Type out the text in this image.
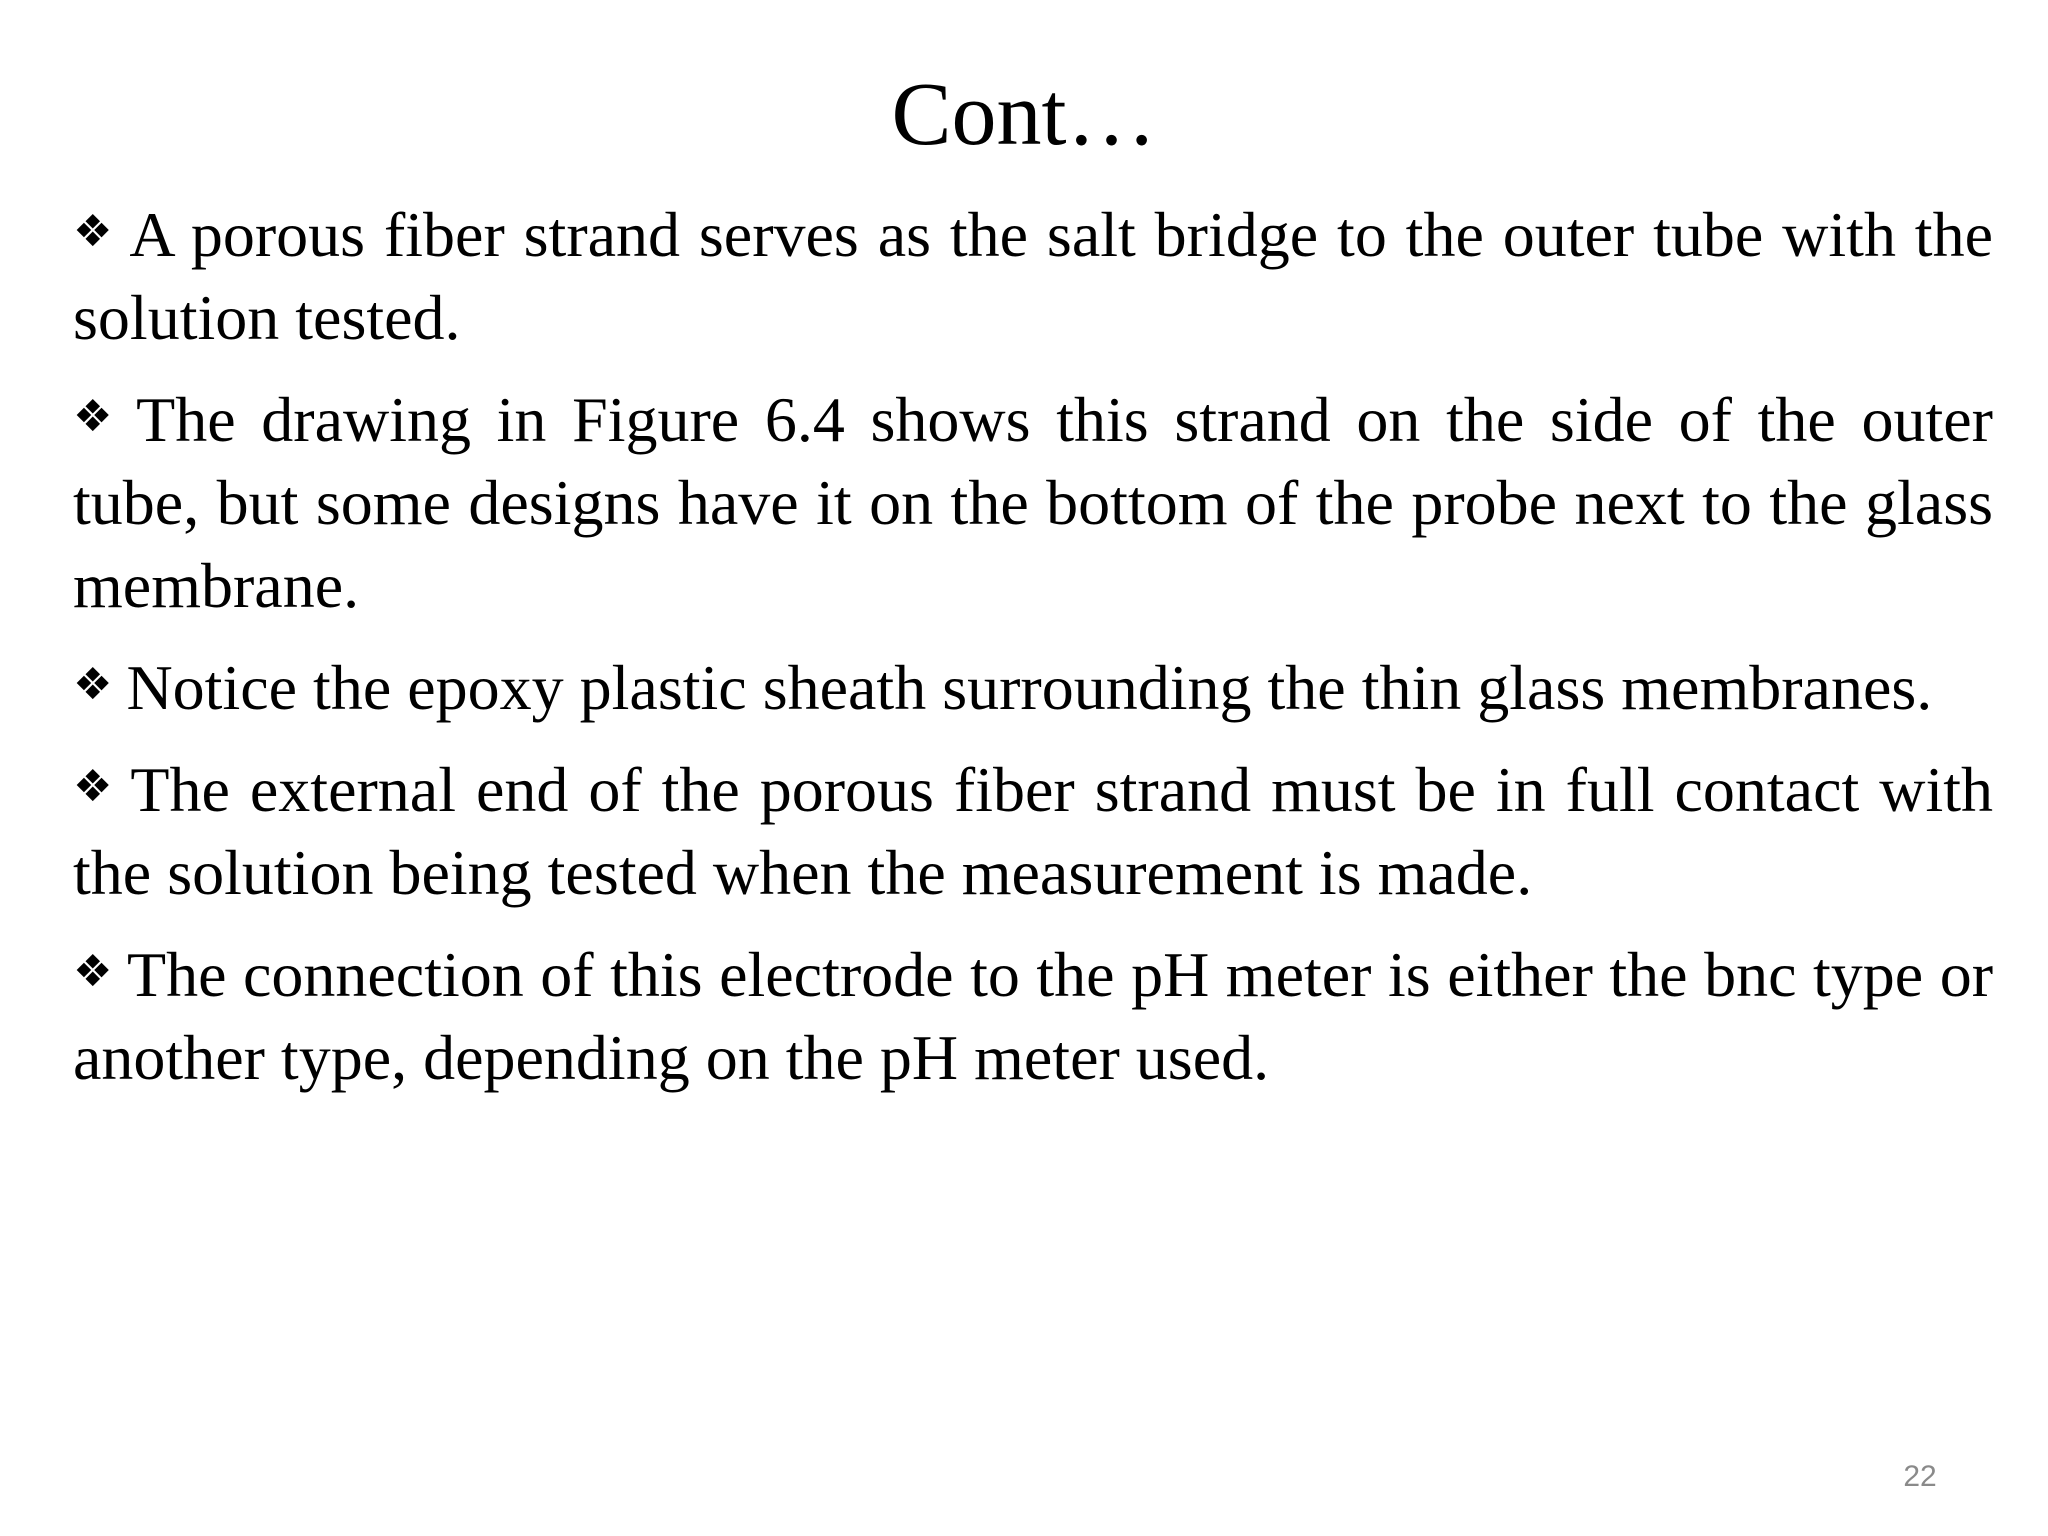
Cont…

❖ A porous fiber strand serves as the salt bridge to the outer tube with the solution tested.

❖ The drawing in Figure 6.4 shows this strand on the side of the outer tube, but some designs have it on the bottom of the probe next to the glass membrane.

❖ Notice the epoxy plastic sheath surrounding the thin glass membranes.

❖ The external end of the porous fiber strand must be in full contact with the solution being tested when the measurement is made.

❖ The connection of this electrode to the pH meter is either the bnc type or another type, depending on the pH meter used.

22
